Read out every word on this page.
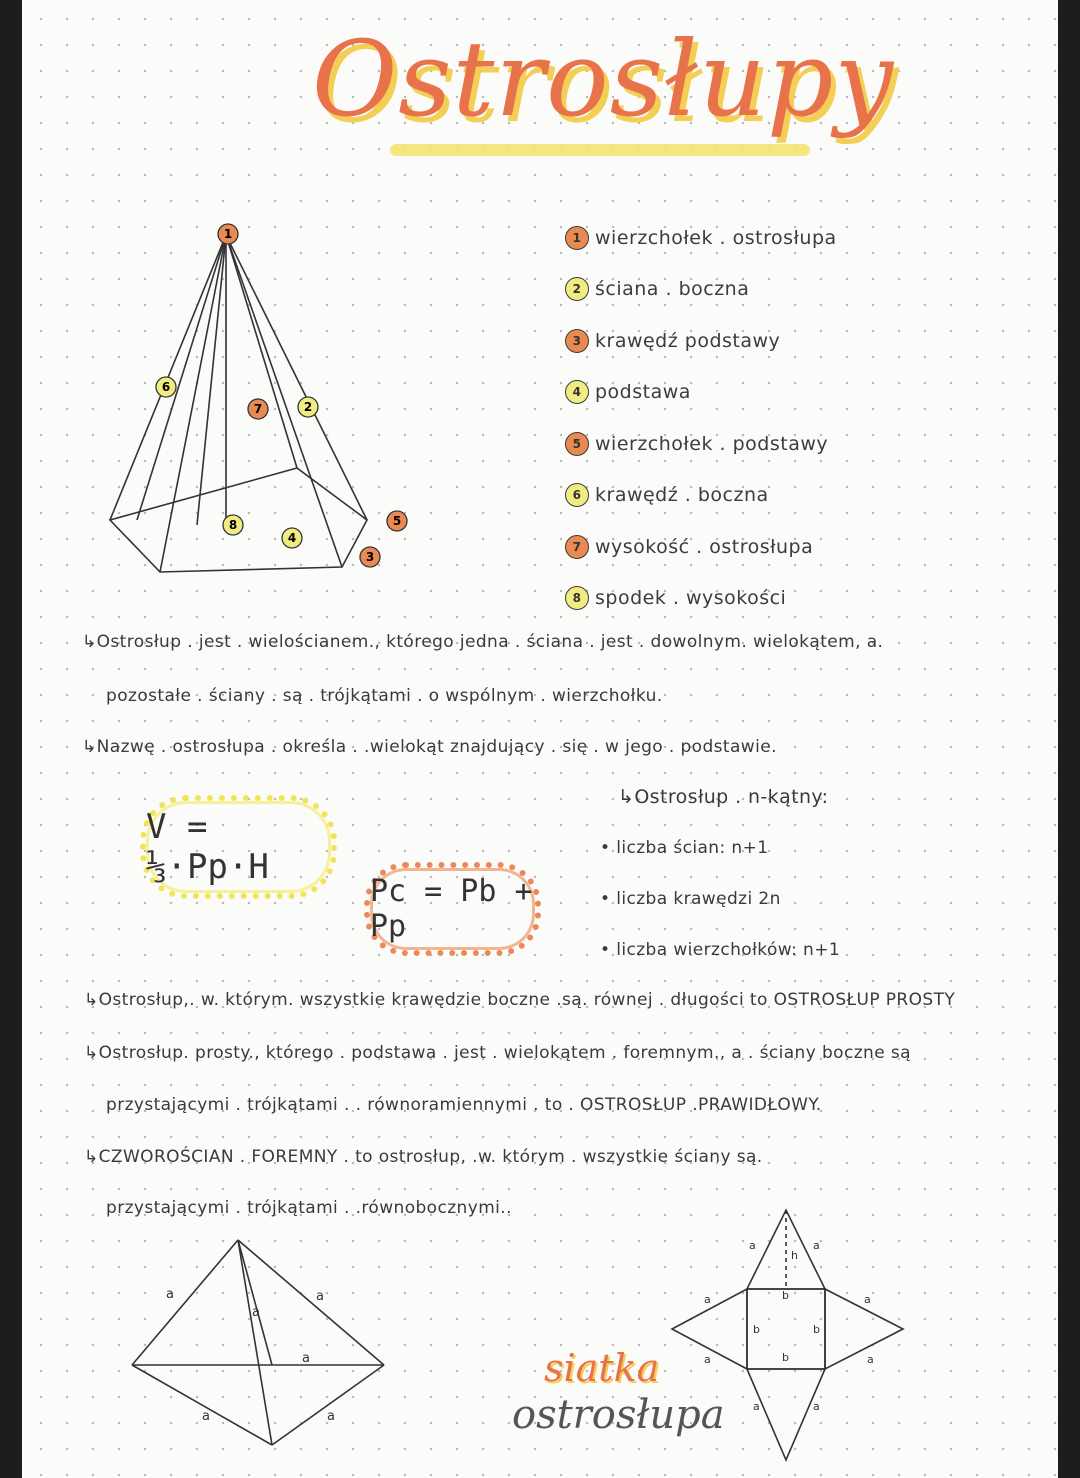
Ostrosłupy
1
2
3
4
5
6
7
8
1 wierzchołek . ostrosłupa
2 ściana . boczna
3 krawędź podstawy
4 podstawa
5 wierzchołek . podstawy
6 krawędź . boczna
7 wysokość . ostrosłupa
8 spodek . wysokości
↳Ostrosłup . jest . wielościanem., którego jedna . ściana . jest . dowolnym. wielokątem, a.
pozostałe . ściany . są . trójkątami . o wspólnym . wierzchołku.
↳Nazwę . ostrosłupa . określa . .wielokąt znajdujący . się . w jego . podstawie.
V = ⅓·Pp·H
Pc = Pb + Pp
↳Ostrosłup . n-kątny:
• liczba ścian: n+1
• liczba krawędzi 2n
• liczba wierzchołków: n+1
↳Ostrosłup,. w. którym. wszystkie krawędzie boczne .są. równej . długości to OSTROSŁUP PROSTY
↳Ostrosłup. prosty., którego . podstawa . jest . wielokątem . foremnym., a . ściany boczne są
przystającymi . trójkątami . . równoramiennymi . to . OSTROSŁUP .PRAWIDŁOWY.
↳CZWOROŚCIAN . FOREMNY . to ostrosłup, .w. którym . wszystkie ściany są.
przystającymi . trójkątami . .równobocznymi..
a
a
a
a
a	a
siatka
ostrosłupa
a	a
h
b
a	a
a	a
b	b
b
a	a
